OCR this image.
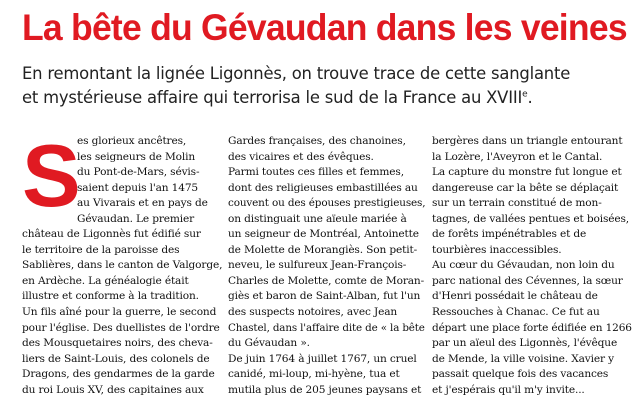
La bête du Gévaudan dans les veines
En remontant la lignée Ligonnès, on trouve trace de cette sanglante
et mystérieuse affaire qui terrorisa le sud de la France au XVIIIe.
S
es glorieux ancêtres,
les seigneurs de Molin
du Pont-de-Mars, sévis-
saient depuis l'an 1475
au Vivarais et en pays de
Gévaudan. Le premier
château de Ligonnès fut édifié sur
le territoire de la paroisse des
Sablières, dans le canton de Valgorge,
en Ardèche. La généalogie était
illustre et conforme à la tradition.
Un fils aîné pour la guerre, le second
pour l'église. Des duellistes de l'ordre
des Mousquetaires noirs, des cheva-
liers de Saint-Louis, des colonels de
Dragons, des gendarmes de la garde
du roi Louis XV, des capitaines aux
Gardes françaises, des chanoines,
des vicaires et des évêques.
Parmi toutes ces filles et femmes,
dont des religieuses embastillées au
couvent ou des épouses prestigieuses,
on distinguait une aïeule mariée à
un seigneur de Montréal, Antoinette
de Molette de Morangiès. Son petit-
neveu, le sulfureux Jean-François-
Charles de Molette, comte de Moran-
giès et baron de Saint-Alban, fut l'un
des suspects notoires, avec Jean
Chastel, dans l'affaire dite de « la bête
du Gévaudan ».
De juin 1764 à juillet 1767, un cruel
canidé, mi-loup, mi-hyène, tua et
mutila plus de 205 jeunes paysans et
bergères dans un triangle entourant
la Lozère, l'Aveyron et le Cantal.
La capture du monstre fut longue et
dangereuse car la bête se déplaçait
sur un terrain constitué de mon-
tagnes, de vallées pentues et boisées,
de forêts impénétrables et de
tourbières inaccessibles.
Au cœur du Gévaudan, non loin du
parc national des Cévennes, la sœur
d'Henri possédait le château de
Ressouches à Chanac. Ce fut au
départ une place forte édifiée en 1266
par un aïeul des Ligonnès, l'évêque
de Mende, la ville voisine. Xavier y
passait quelque fois des vacances
et j'espérais qu'il m'y invite...
